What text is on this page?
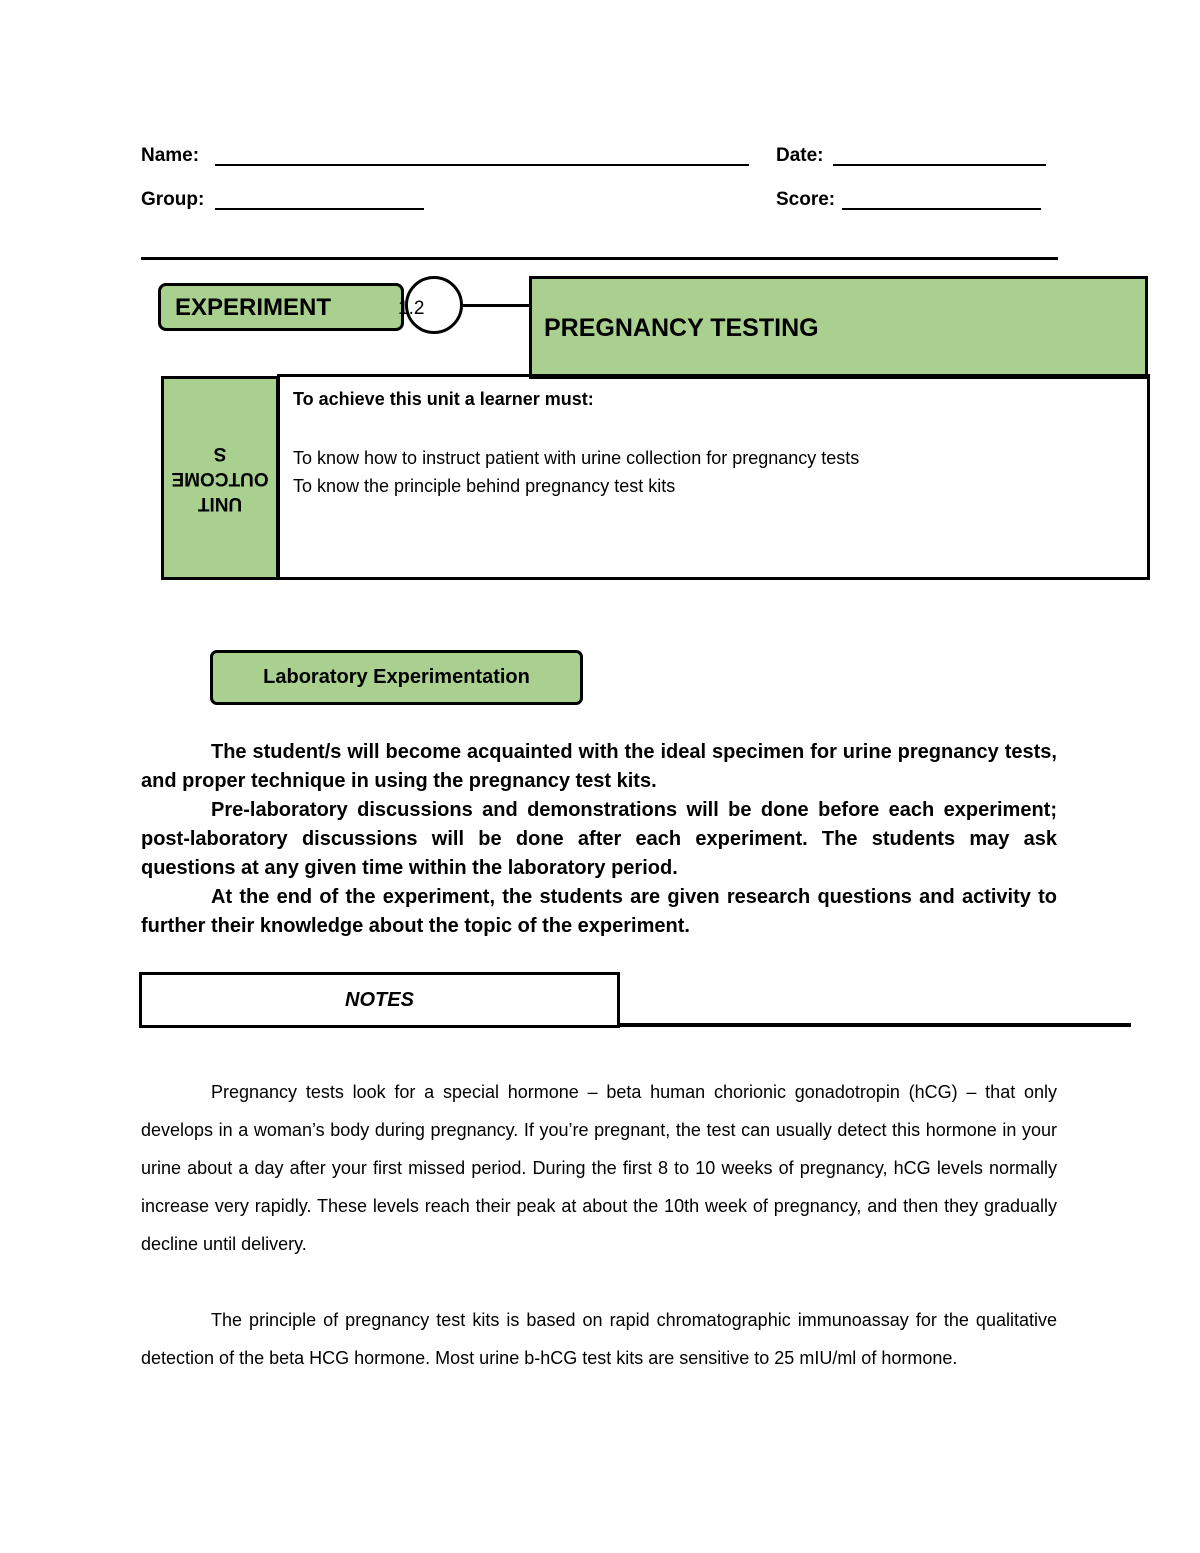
Name:	Date:
Group:	Score:
EXPERIMENT	1.2
PREGNANCY TESTING
UNIT
OUTCOME
S
To achieve this unit a learner must:
To know how to instruct patient with urine collection for pregnancy tests
To know the principle behind pregnancy test kits
Laboratory Experimentation

The student/s will become acquainted with the ideal specimen for urine pregnancy tests, and proper technique in using the pregnancy test kits.

Pre-laboratory discussions and demonstrations will be done before each experiment; post-laboratory discussions will be done after each experiment. The students may ask questions at any given time within the laboratory period.

At the end of the experiment, the students are given research questions and activity to further their knowledge about the topic of the experiment.

NOTES

Pregnancy tests look for a special hormone – beta human chorionic gonadotropin (hCG) – that only develops in a woman’s body during pregnancy. If you’re pregnant, the test can usually detect this hormone in your urine about a day after your first missed period. During the first 8 to 10 weeks of pregnancy, hCG levels normally increase very rapidly. These levels reach their peak at about the 10th week of pregnancy, and then they gradually decline until delivery.

The principle of pregnancy test kits is based on rapid chromatographic immunoassay for the qualitative detection of the beta HCG hormone. Most urine b-hCG test kits are sensitive to 25 mIU/ml of hormone.
